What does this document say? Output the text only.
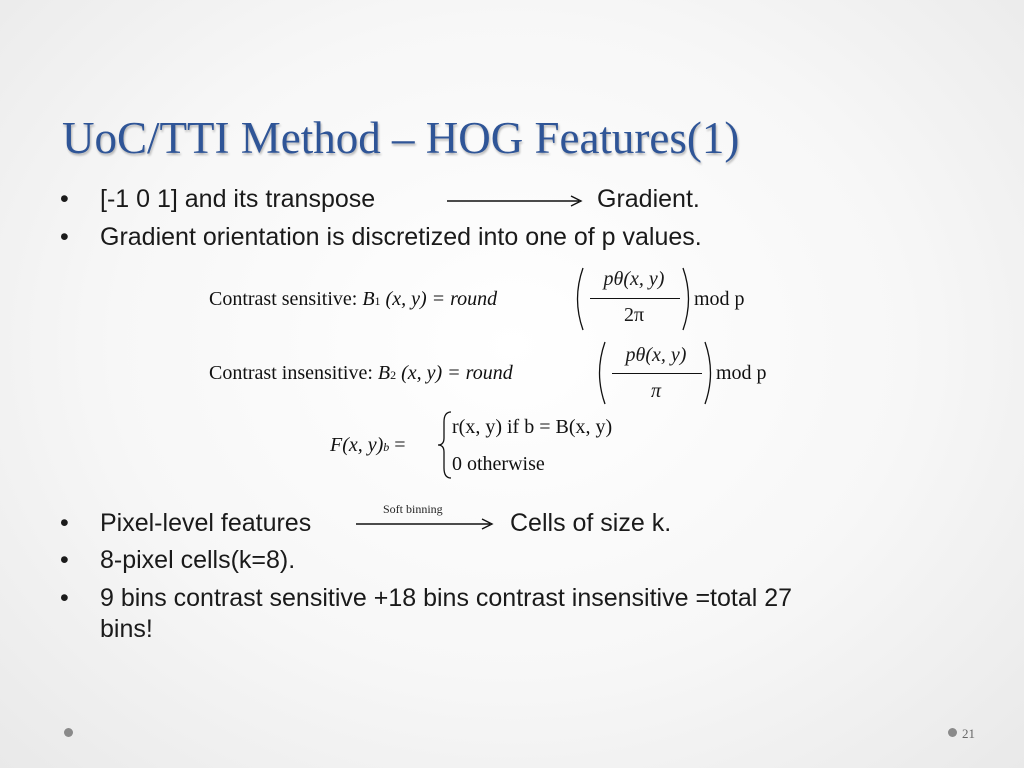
UoC/TTI Method – HOG Features(1)
• [-1 0 1] and its transpose	Gradient.
• Gradient orientation is discretized into one of p values.
Contrast sensitive: B1 (x, y) = round
pθ(x, y)
2π
mod p
Contrast insensitive: B2 (x, y) = round
pθ(x, y)
π
mod p
F(x, y)b =
r(x, y) if b = B(x, y)
0 otherwise
• Pixel-level features	Soft binning	Cells of size k.
• 8-pixel cells(k=8).
• 9 bins contrast sensitive +18 bins contrast insensitive =total 27
bins!
21
